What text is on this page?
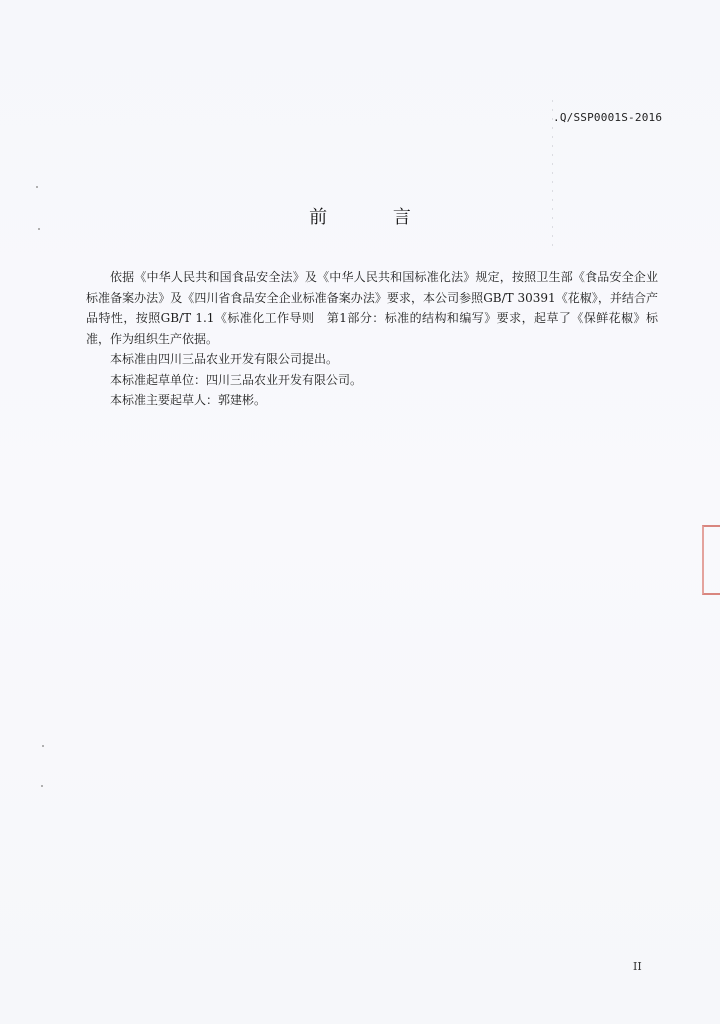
.Q/SSP0001S-2016
前 言

依据《中华人民共和国食品安全法》及《中华人民共和国标准化法》规定，按照卫生部《食品安全企业标准备案办法》及《四川省食品安全企业标准备案办法》要求，本公司参照GB/T 30391《花椒》，并结合产品特性，按照GB/T 1.1《标准化工作导则　第1部分：标准的结构和编写》要求，起草了《保鲜花椒》标准，作为组织生产依据。

本标准由四川三品农业开发有限公司提出。

本标准起草单位：四川三品农业开发有限公司。

本标准主要起草人：郭建彬。

II
